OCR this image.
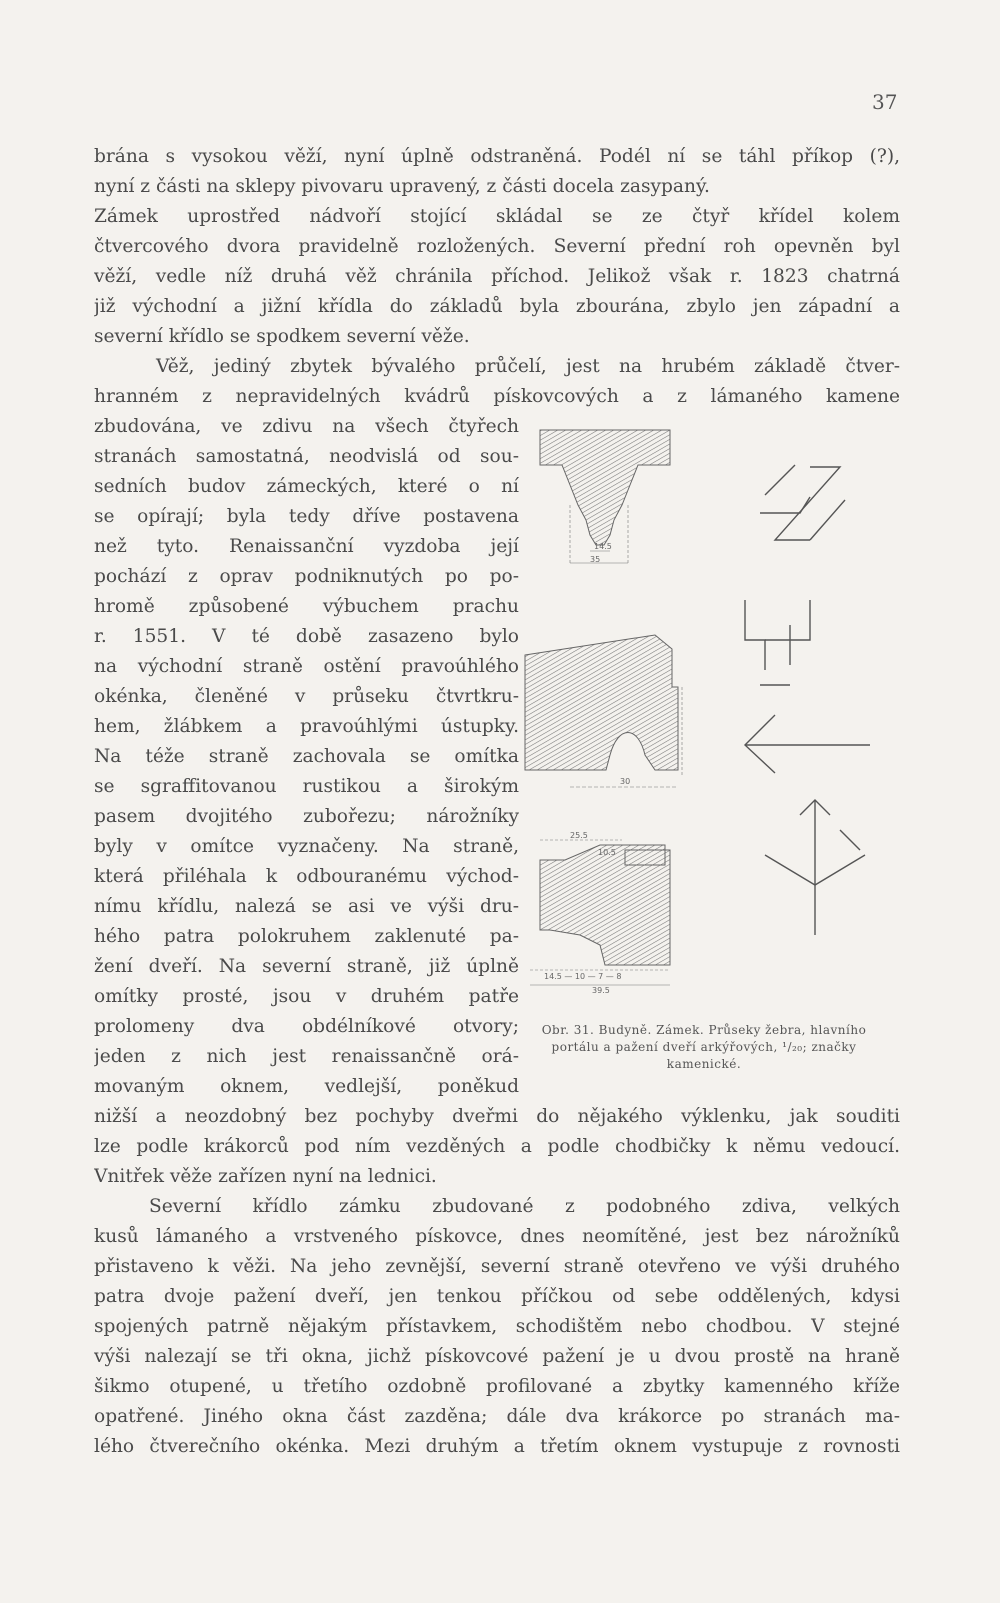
37
brána s vysokou věží, nyní úplně odstraněná. Podél ní se táhl příkop (?),
nyní z části na sklepy pivovaru upravený, z části docela zasypaný.
Zámek uprostřed nádvoří stojící skládal se ze čtyř křídel kolem
čtvercového dvora pravidelně rozložených. Severní přední roh opevněn byl
věží, vedle níž druhá věž chránila příchod. Jelikož však r. 1823 chatrná
již východní a jižní křídla do základů byla zbourána, zbylo jen západní a
severní křídlo se spodkem severní věže.
Věž, jediný zbytek bývalého průčelí, jest na hrubém základě čtver-
hranném z nepravidelných kvádrů pískovcových a z lámaného kamene
zbudována, ve zdivu na všech čtyřech
stranách samostatná, neodvislá od sou-
sedních budov zámeckých, které o ní
se opírají; byla tedy dříve postavena
než tyto. Renaissanční vyzdoba její
pochází z oprav podniknutých po po-
hromě způsobené výbuchem prachu
r. 1551. V té době zasazeno bylo
na východní straně ostění pravoúhlého
okénka, členěné v průseku čtvrtkru-
hem, žlábkem a pravoúhlými ústupky.
Na téže straně zachovala se omítka
se sgraffitovanou rustikou a širokým
pasem dvojitého zubořezu; nárožníky
byly v omítce vyznačeny. Na straně,
která přiléhala k odbouranému východ-
nímu křídlu, nalezá se asi ve výši dru-
hého patra polokruhem zaklenuté pa-
žení dveří. Na severní straně, již úplně
omítky prosté, jsou v druhém patře
prolomeny dva obdélníkové otvory;
jeden z nich jest renaissančně orá-
movaným oknem, vedlejší, poněkud
nižší a neozdobný bez pochyby dveřmi do nějakého výklenku, jak souditi
lze podle krákorců pod ním vezděných a podle chodbičky k němu vedoucí.
Vnitřek věže zařízen nyní na lednici.
Severní křídlo zámku zbudované z podobného zdiva, velkých
kusů lámaného a vrstveného pískovce, dnes neomítěné, jest bez nárožníků
přistaveno k věži. Na jeho zevnější, severní straně otevřeno ve výši druhého
patra dvoje pažení dveří, jen tenkou příčkou od sebe oddělených, kdysi
spojených patrně nějakým přístavkem, schodištěm nebo chodbou. V stejné
výši nalezají se tři okna, jichž pískovcové pažení je u dvou prostě na hraně
šikmo otupené, u třetího ozdobně profilované a zbytky kamenného kříže
opatřené. Jiného okna část zazděna; dále dva krákorce po stranách ma-
lého čtverečního okénka. Mezi druhým a třetím oknem vystupuje z rovnosti
14.5
35
30
25.5
10.5
14.5 — 10 — 7 — 8
39.5
Obr. 31. Budyně. Zámek. Průseky žebra, hlavního
portálu a pažení dveří arkýřových, ¹/₂₀; značky
kamenické.
